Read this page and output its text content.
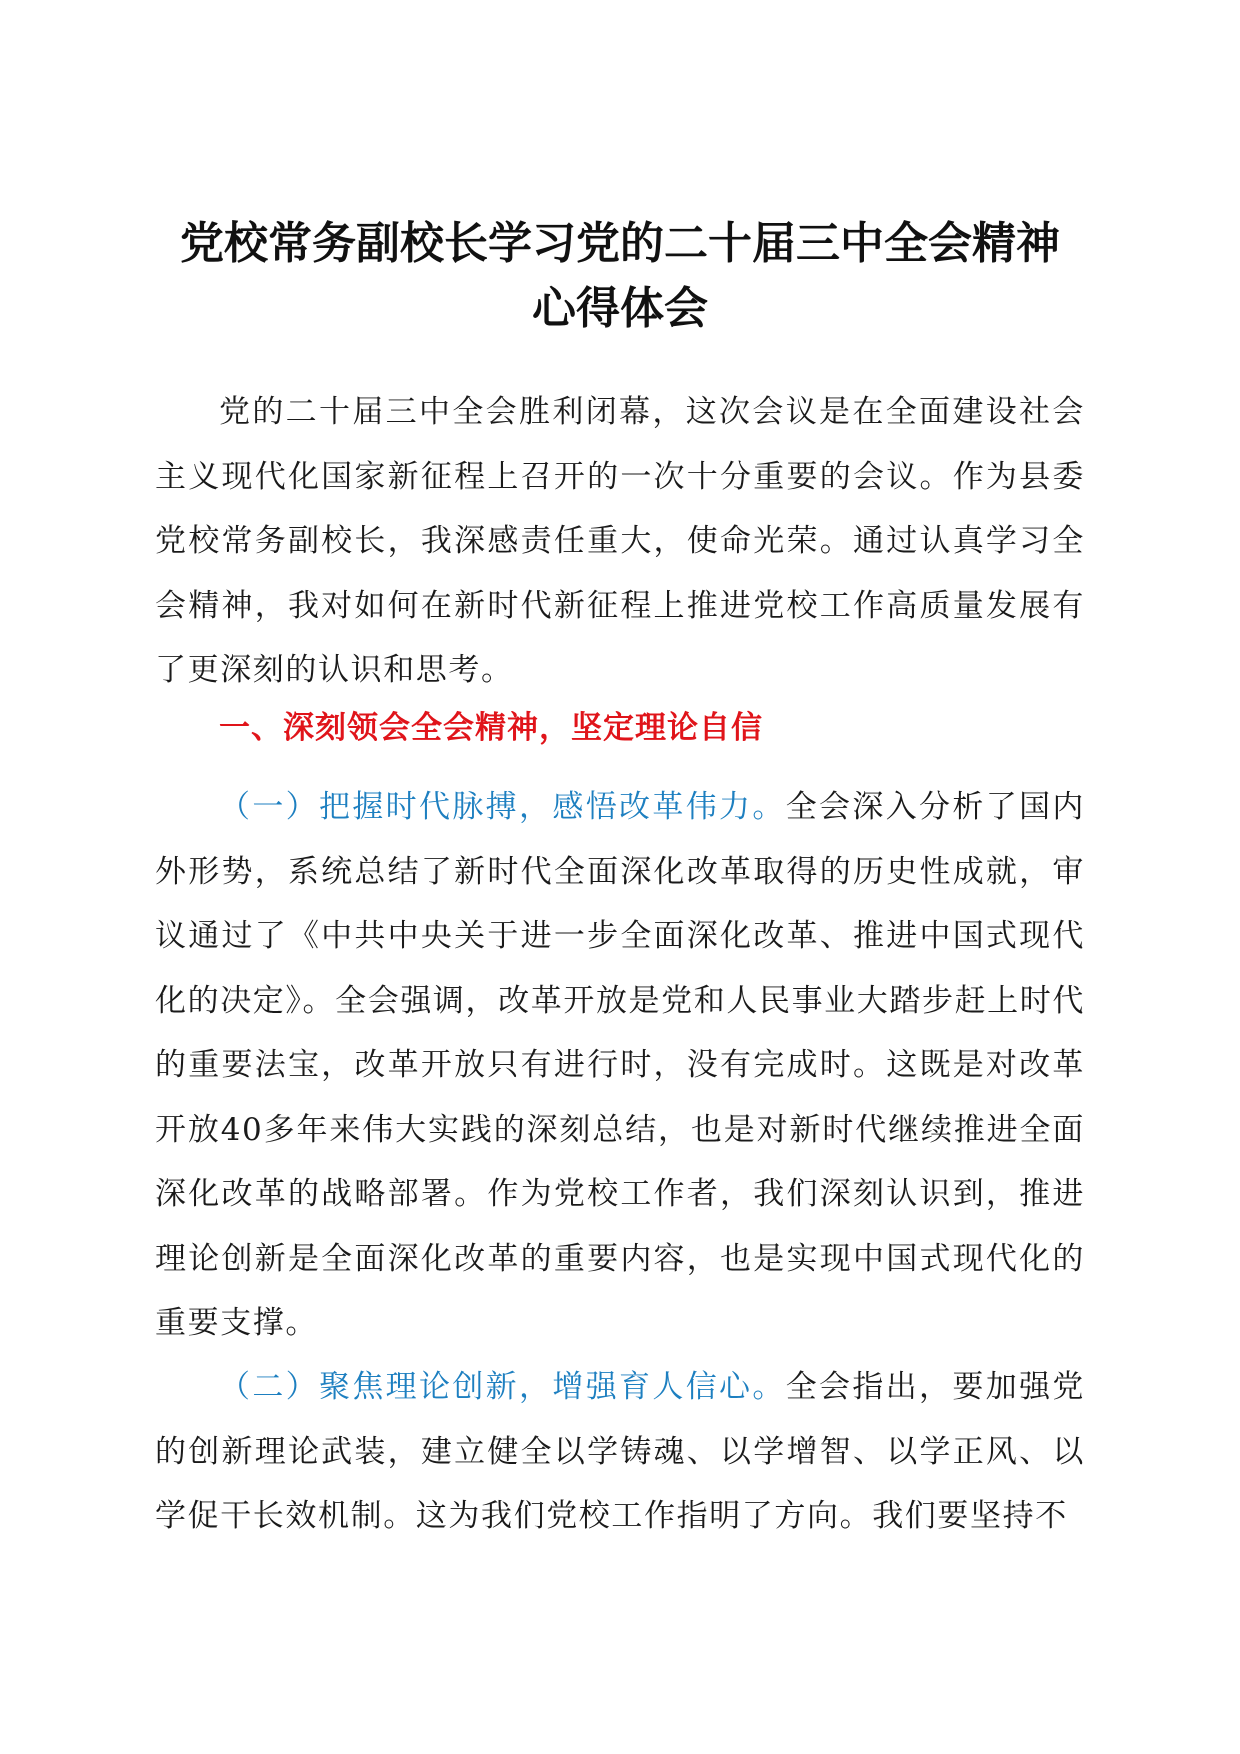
党校常务副校长学习党的二十届三中全会精神
心得体会

党的二十届三中全会胜利闭幕，这次会议是在全面建设社会主义现代化国家新征程上召开的一次十分重要的会议。作为县委党校常务副校长，我深感责任重大，使命光荣。通过认真学习全会精神，我对如何在新时代新征程上推进党校工作高质量发展有了更深刻的认识和思考。

一、深刻领会全会精神，坚定理论自信

（一）把握时代脉搏，感悟改革伟力。全会深入分析了国内外形势，系统总结了新时代全面深化改革取得的历史性成就，审议通过了《中共中央关于进一步全面深化改革、推进中国式现代化的决定》。全会强调，改革开放是党和人民事业大踏步赶上时代的重要法宝，改革开放只有进行时，没有完成时。这既是对改革开放40多年来伟大实践的深刻总结，也是对新时代继续推进全面深化改革的战略部署。作为党校工作者，我们深刻认识到，推进理论创新是全面深化改革的重要内容，也是实现中国式现代化的重要支撑。

（二）聚焦理论创新，增强育人信心。全会指出，要加强党的创新理论武装，建立健全以学铸魂、以学增智、以学正风、以学促干长效机制。这为我们党校工作指明了方向。我们要坚持不
